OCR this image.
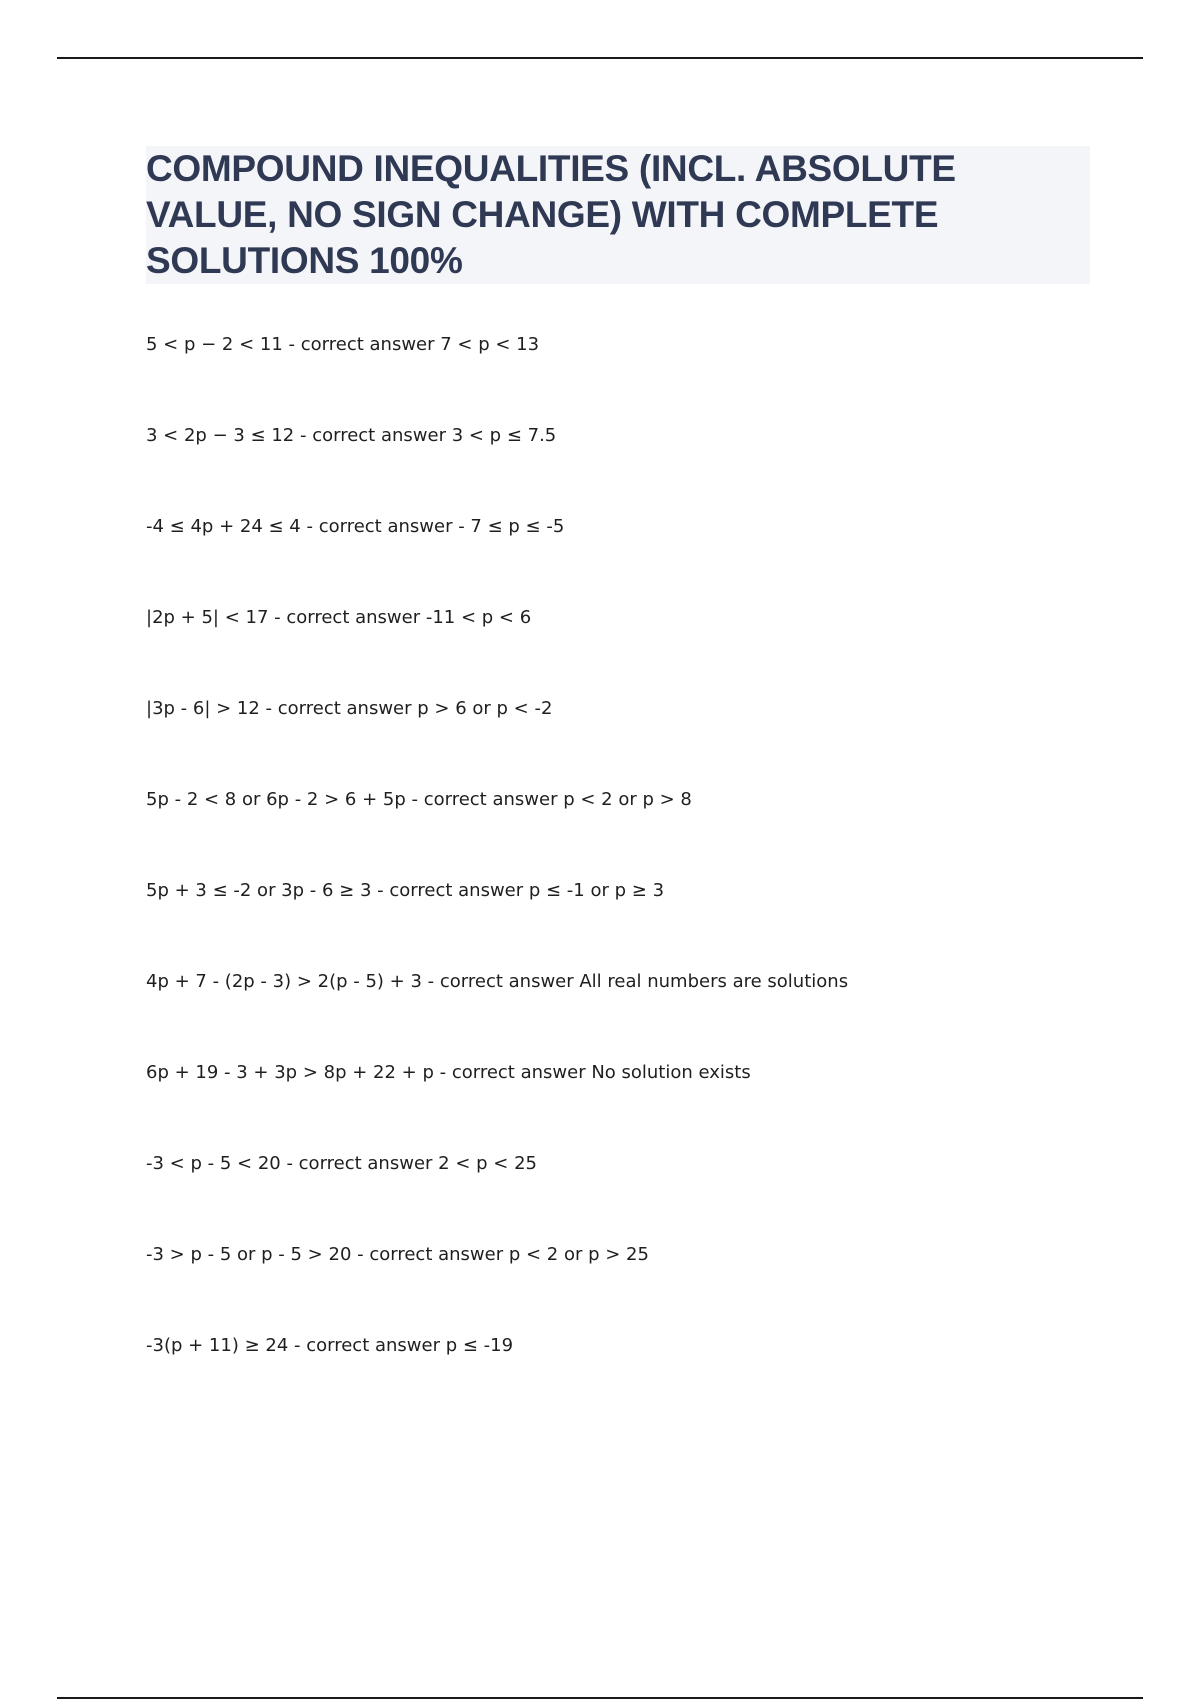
COMPOUND INEQUALITIES (INCL. ABSOLUTE VALUE, NO SIGN CHANGE) WITH COMPLETE SOLUTIONS 100%
5 < p − 2 < 11 - correct answer 7 < p < 13
3 < 2p − 3 ≤ 12 - correct answer 3 < p ≤ 7.5
-4 ≤ 4p + 24 ≤ 4 - correct answer - 7 ≤ p ≤ -5
|2p + 5| < 17 - correct answer -11 < p < 6
|3p - 6| > 12 - correct answer p > 6 or p < -2
5p - 2 < 8 or 6p - 2 > 6 + 5p - correct answer p < 2 or p > 8
5p + 3 ≤ -2 or 3p - 6 ≥ 3 - correct answer p ≤ -1 or p ≥ 3
4p + 7 - (2p - 3) > 2(p - 5) + 3 - correct answer All real numbers are solutions
6p + 19 - 3 + 3p > 8p + 22 + p - correct answer No solution exists
-3 < p - 5 < 20 - correct answer 2 < p < 25
-3 > p - 5 or p - 5 > 20 - correct answer p < 2 or p > 25
-3(p + 11) ≥ 24 - correct answer p ≤ -19
